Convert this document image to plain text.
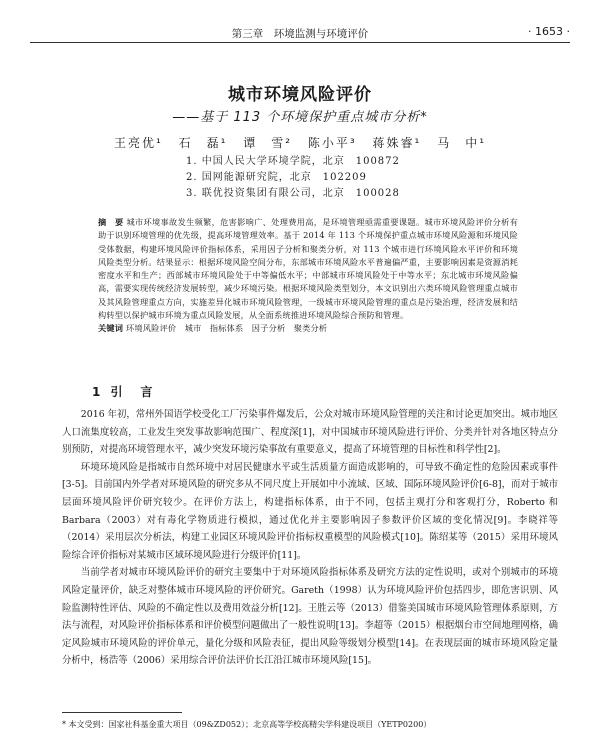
第三章　环境监测与环境评价	· 1653 ·
城市环境风险评价
——基于 113 个环境保护重点城市分析*
王亮优¹ 石　磊¹ 谭　雪² 陈小平³ 蒋姝睿¹ 马　中¹
1. 中国人民大学环境学院，北京　100872
2. 国网能源研究院，北京　102209
3. 联优投资集团有限公司，北京　100028
摘　要 城市环境事故发生频繁，危害影响广、处理费用高，是环境管理亟需重要课题。城市环境风险评价分析有助于识别环境管理的优先级，提高环境管理效率。基于 2014 年 113 个环境保护重点城市环境风险源和环境风险受体数据，构建环境风险评价指标体系，采用因子分析和聚类分析，对 113 个城市进行环境风险水平评价和环境风险类型分析。结果显示：根据环境风险空间分布，东部城市环境风险水平普遍偏严重，主要影响因素是资源消耗密度水平和生产；西部城市环境风险处于中等偏低水平；中部城市环境风险处于中等水平；东北城市环境风险偏高，需要实现传统经济发展转型，减少环境污染。根据环境风险类型划分，本文识别出六类环境风险管理重点城市及其风险管理重点方向，实施差异化城市环境风险管理，一级城市环境风险管理的重点是污染治理，经济发展和结构转型以保护城市环境为重点风险发展，从全面系统推进环境风险综合预防和管理。
关键词 环境风险评价　城市　指标体系　因子分析　聚类分析
1 引　言

2016 年初，常州外国语学校受化工厂污染事件爆发后，公众对城市环境风险管理的关注和讨论更加突出。城市地区人口流集度较高，工业发生突发事故影响范围广、程度深[1]，对中国城市环境风险进行评价、分类并针对各地区特点分别预防，对提高环境管理水平，减少突发环境污染事故有重要意义，提高了环境管理的目标性和科学性[2]。

环境环境风险是指城市自然环境中对居民健康水平或生活质量方面造成影响的，可导致不确定性的危险因素或事件[3-5]。目前国内外学者对环境风险的研究多从不同尺度上开展如中小流域、区域、国际环境风险评价[6-8]，而对于城市层面环境风险评价研究较少。在评价方法上，构建指标体系，由于不同，包括主观打分和客观打分，Roberto 和 Barbara（2003）对有毒化学物质进行模拟，通过优化并主要影响因子参数评价区域的变化情况[9]。李晓祥等（2014）采用层次分析法，构建工业园区环境风险评价指标权重模型的风险模式[10]。陈绍某等（2015）采用环境风险综合评价指标对某城市区域环境风险进行分级评价[11]。

当前学者对城市环境风险评价的研究主要集中于对环境风险指标体系及研究方法的定性说明，或对个别城市的环境风险定量评价，缺乏对整体城市环境风险的评价研究。Gareth（1998）认为环境风险评价包括四步，即危害识别、风险监测特性评估、风险的不确定性以及费用效益分析[12]。王胜云等（2013）借鉴美国城市环境风险管理体系原则，方法与流程，对风险评价指标体系和评价模型问题做出了一般性说明[13]。李超等（2015）根据烟台市空间地理网格，确定风险城市环境风险的评价单元，量化分级和风险表征，提出风险等级划分模型[14]。在表现层面的城市环境风险定量分析中，杨浩等（2006）采用综合评价法评价长江沿江城市环境风险[15]。

* 本文受到：国家社科基金重大项目（09&ZD052）；北京高等学校高精尖学科建设项目（YETP0200）
